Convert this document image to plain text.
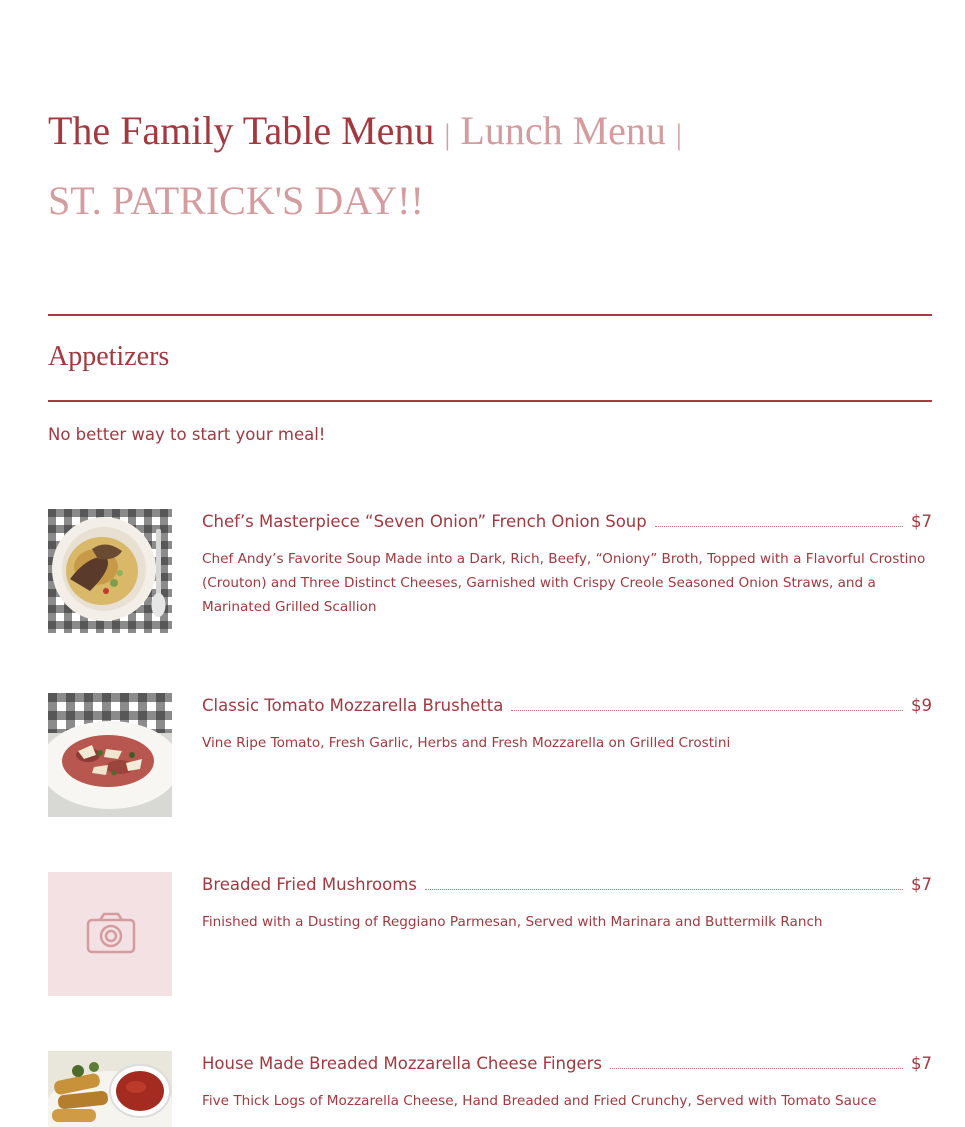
The Family Table Menu | Lunch Menu |
ST. PATRICK'S DAY!!
Appetizers
No better way to start your meal!
Chef’s Masterpiece “Seven Onion” French Onion Soup	$7
Chef Andy’s Favorite Soup Made into a Dark, Rich, Beefy, “Oniony” Broth, Topped with a Flavorful Crostino (Crouton) and Three Distinct Cheeses, Garnished with Crispy Creole Seasoned Onion Straws, and a Marinated Grilled Scallion
Classic Tomato Mozzarella Brushetta	$9
Vine Ripe Tomato, Fresh Garlic, Herbs and Fresh Mozzarella on Grilled Crostini
Breaded Fried Mushrooms	$7
Finished with a Dusting of Reggiano Parmesan, Served with Marinara and Buttermilk Ranch
House Made Breaded Mozzarella Cheese Fingers	$7
Five Thick Logs of Mozzarella Cheese, Hand Breaded and Fried Crunchy, Served with Tomato Sauce
